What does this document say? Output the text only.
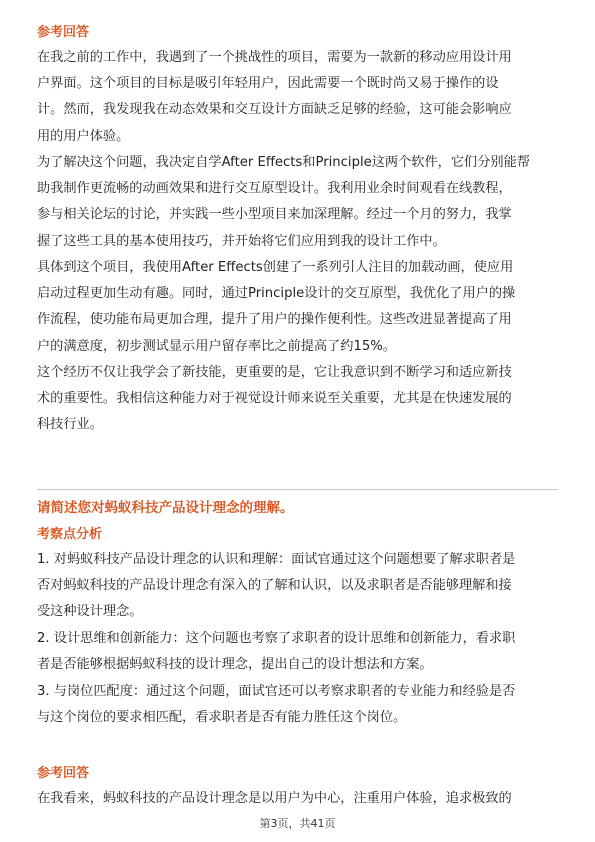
参考回答

在我之前的工作中，我遇到了一个挑战性的项目，需要为一款新的移动应用设计用
户界面。这个项目的目标是吸引年轻用户，因此需要一个既时尚又易于操作的设
计。然而，我发现我在动态效果和交互设计方面缺乏足够的经验，这可能会影响应
用的用户体验。

为了解决这个问题，我决定自学After Effects和Principle这两个软件，它们分别能帮
助我制作更流畅的动画效果和进行交互原型设计。我利用业余时间观看在线教程，
参与相关论坛的讨论，并实践一些小型项目来加深理解。经过一个月的努力，我掌
握了这些工具的基本使用技巧，并开始将它们应用到我的设计工作中。

具体到这个项目，我使用After Effects创建了一系列引人注目的加载动画，使应用
启动过程更加生动有趣。同时，通过Principle设计的交互原型，我优化了用户的操
作流程，使功能布局更加合理，提升了用户的操作便利性。这些改进显著提高了用
户的满意度，初步测试显示用户留存率比之前提高了约15%。

这个经历不仅让我学会了新技能，更重要的是，它让我意识到不断学习和适应新技
术的重要性。我相信这种能力对于视觉设计师来说至关重要，尤其是在快速发展的
科技行业。

请简述您对蚂蚁科技产品设计理念的理解。
考察点分析

1. 对蚂蚁科技产品设计理念的认识和理解：面试官通过这个问题想要了解求职者是
否对蚂蚁科技的产品设计理念有深入的了解和认识，以及求职者是否能够理解和接
受这种设计理念。

2. 设计思维和创新能力：这个问题也考察了求职者的设计思维和创新能力，看求职
者是否能够根据蚂蚁科技的设计理念，提出自己的设计想法和方案。

3. 与岗位匹配度：通过这个问题，面试官还可以考察求职者的专业能力和经验是否
与这个岗位的要求相匹配，看求职者是否有能力胜任这个岗位。

参考回答

在我看来，蚂蚁科技的产品设计理念是以用户为中心，注重用户体验，追求极致的

第3页，共41页
